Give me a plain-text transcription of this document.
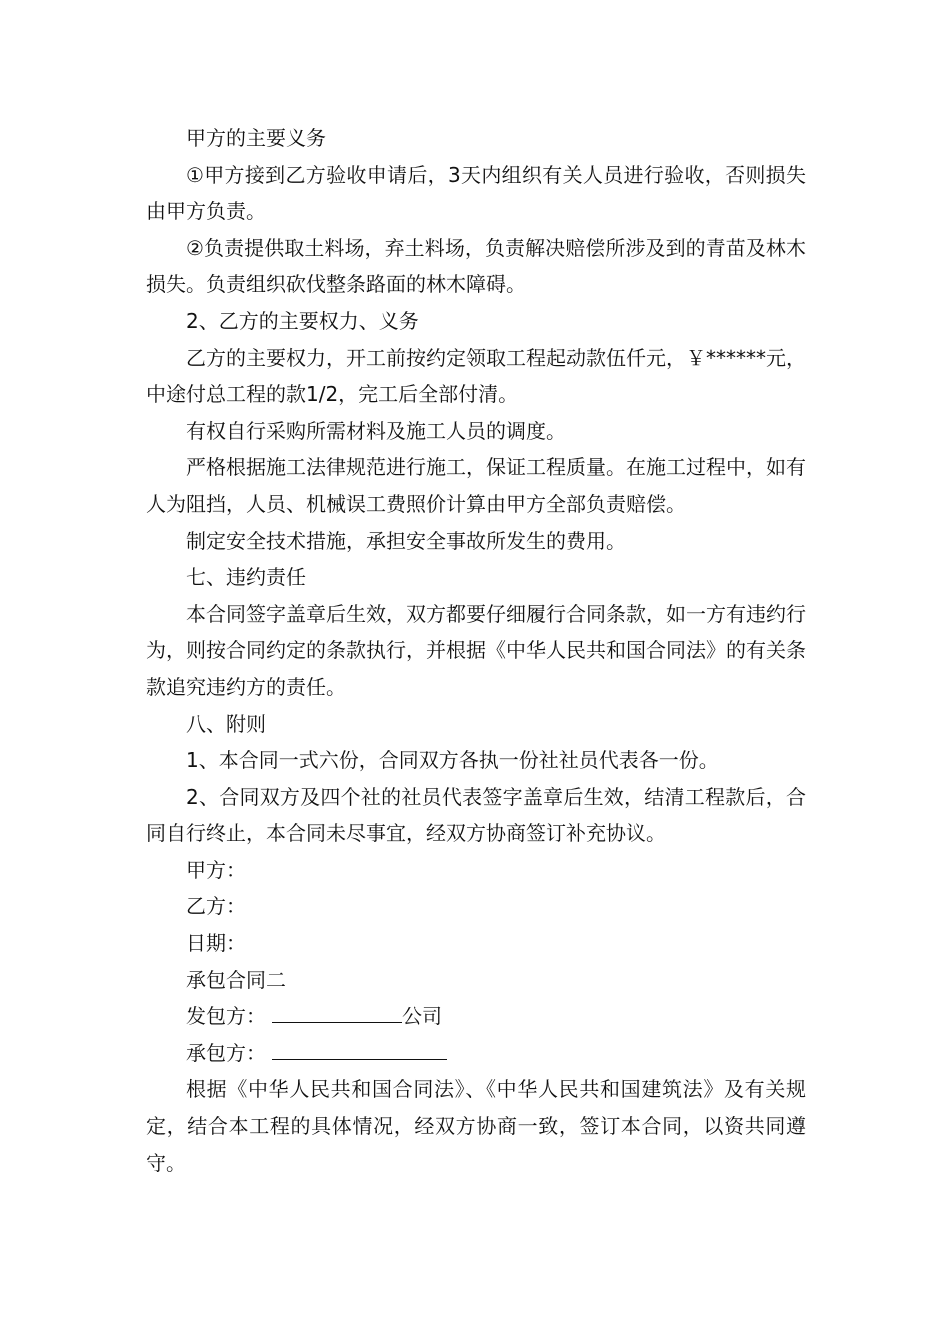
甲方的主要义务

①甲方接到乙方验收申请后，3天内组织有关人员进行验收，否则损失由甲方负责。

②负责提供取土料场，弃土料场，负责解决赔偿所涉及到的青苗及林木损失。负责组织砍伐整条路面的林木障碍。

2、乙方的主要权力、义务

乙方的主要权力，开工前按约定领取工程起动款伍仟元，￥******元，中途付总工程的款1/2，完工后全部付清。

有权自行采购所需材料及施工人员的调度。

严格根据施工法律规范进行施工，保证工程质量。在施工过程中，如有人为阻挡，人员、机械误工费照价计算由甲方全部负责赔偿。

制定安全技术措施，承担安全事故所发生的费用。

七、违约责任

本合同签字盖章后生效，双方都要仔细履行合同条款，如一方有违约行为，则按合同约定的条款执行，并根据《中华人民共和国合同法》的有关条款追究违约方的责任。

八、附则

1、本合同一式六份，合同双方各执一份社社员代表各一份。

2、合同双方及四个社的社员代表签字盖章后生效，结清工程款后，合同自行终止，本合同未尽事宜，经双方协商签订补充协议。

甲方：

乙方：

日期：

承包合同二

发包方：	公司

承包方：

根据《中华人民共和国合同法》、《中华人民共和国建筑法》及有关规定，结合本工程的具体情况，经双方协商一致，签订本合同，以资共同遵守。
